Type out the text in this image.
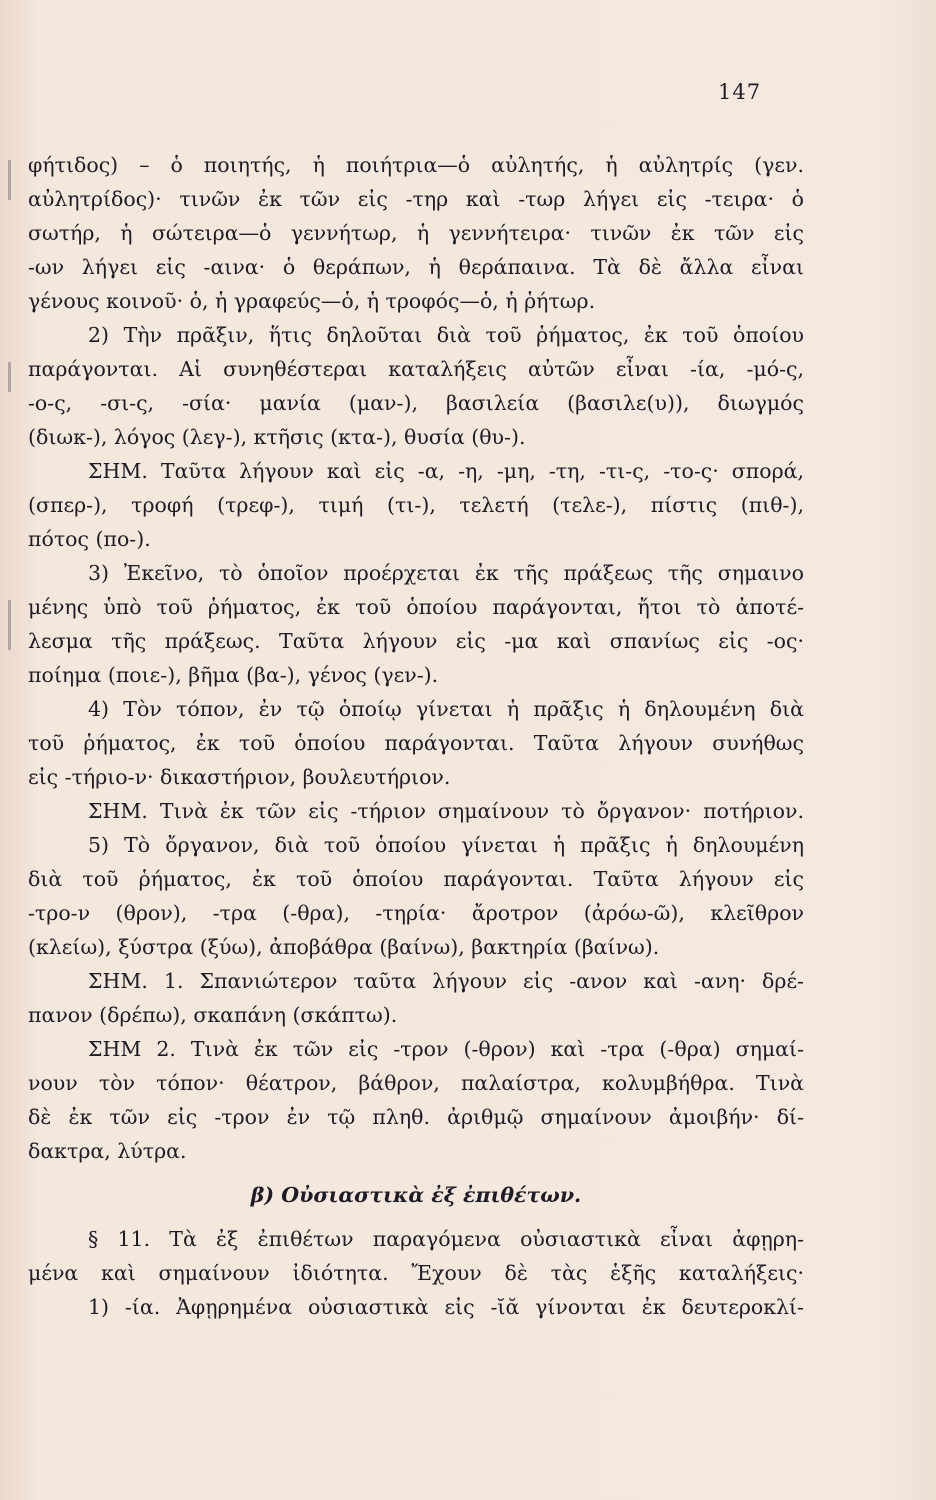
147
φήτιδος) – ὁ ποιητής, ἡ ποιήτρια—ὁ αὐλητής, ἡ αὐλητρίς (γεν.
αὐλητρίδος)· τινῶν ἐκ τῶν εἰς -τηρ καὶ -τωρ λήγει εἰς -τειρα· ὁ
σωτήρ, ἡ σώτειρα—ὁ γεννήτωρ, ἡ γεννήτειρα· τινῶν ἐκ τῶν εἰς
-ων λήγει εἰς -αινα· ὁ θεράπων, ἡ θεράπαινα. Τὰ δὲ ἄλλα εἶναι
γένους κοινοῦ· ὁ, ἡ γραφεύς—ὁ, ἡ τροφός—ὁ, ἡ ῥήτωρ.
2) Τὴν πρᾶξιν, ἥτις δηλοῦται διὰ τοῦ ῥήματος, ἐκ τοῦ ὁποίου
παράγονται. Αἱ συνηθέστεραι καταλήξεις αὐτῶν εἶναι -ία, -μό-ς,
-ο-ς, -σι-ς, -σία· μανία (μαν-), βασιλεία (βασιλε(υ)), διωγμός
(διωκ-), λόγος (λεγ-), κτῆσις (κτα-), θυσία (θυ-).
ΣΗΜ. Ταῦτα λήγουν καὶ εἰς -α, -η, -μη, -τη, -τι-ς, -το-ς· σπορά,
(σπερ-), τροφή (τρεφ-), τιμή (τι-), τελετή (τελε-), πίστις (πιθ-),
πότος (πο-).
3) Ἐκεῖνο, τὸ ὁποῖον προέρχεται ἐκ τῆς πράξεως τῆς σημαινο
μένης ὑπὸ τοῦ ῥήματος, ἐκ τοῦ ὁποίου παράγονται, ἤτοι τὸ ἀποτέ-
λεσμα τῆς πράξεως. Ταῦτα λήγουν εἰς -μα καὶ σπανίως εἰς -ος·
ποίημα (ποιε-), βῆμα (βα-), γένος (γεν-).
4) Τὸν τόπον, ἐν τῷ ὁποίῳ γίνεται ἡ πρᾶξις ἡ δηλουμένη διὰ
τοῦ ῥήματος, ἐκ τοῦ ὁποίου παράγονται. Ταῦτα λήγουν συνήθως
εἰς -τήριο-ν· δικαστήριον, βουλευτήριον.
ΣΗΜ. Τινὰ ἐκ τῶν εἰς -τήριον σημαίνουν τὸ ὄργανον· ποτήριον.
5) Τὸ ὄργανον, διὰ τοῦ ὁποίου γίνεται ἡ πρᾶξις ἡ δηλουμένη
διὰ τοῦ ῥήματος, ἐκ τοῦ ὁποίου παράγονται. Ταῦτα λήγουν εἰς
-τρο-ν (θρον), -τρα (-θρα), -τηρία· ἄροτρον (ἀρόω-ῶ), κλεῖθρον
(κλείω), ξύστρα (ξύω), ἀποβάθρα (βαίνω), βακτηρία (βαίνω).
ΣΗΜ. 1. Σπανιώτερον ταῦτα λήγουν εἰς -ανον καὶ -ανη· δρέ-
πανον (δρέπω), σκαπάνη (σκάπτω).
ΣΗΜ 2. Τινὰ ἐκ τῶν εἰς -τρον (-θρον) καὶ -τρα (-θρα) σημαί-
νουν τὸν τόπον· θέατρον, βάθρον, παλαίστρα, κολυμβήθρα. Τινὰ
δὲ ἐκ τῶν εἰς -τρον ἐν τῷ πληθ. ἀριθμῷ σημαίνουν ἀμοιβήν· δί-
δακτρα, λύτρα.
β) Οὐσιαστικὰ ἐξ ἐπιθέτων.
§ 11. Τὰ ἐξ ἐπιθέτων παραγόμενα οὐσιαστικὰ εἶναι ἀφῃρη-
μένα καὶ σημαίνουν ἰδιότητα. Ἔχουν δὲ τὰς ἑξῆς καταλήξεις·
1) -ία. Ἀφῃρημένα οὐσιαστικὰ εἰς -ῐᾰ γίνονται ἐκ δευτεροκλί-
